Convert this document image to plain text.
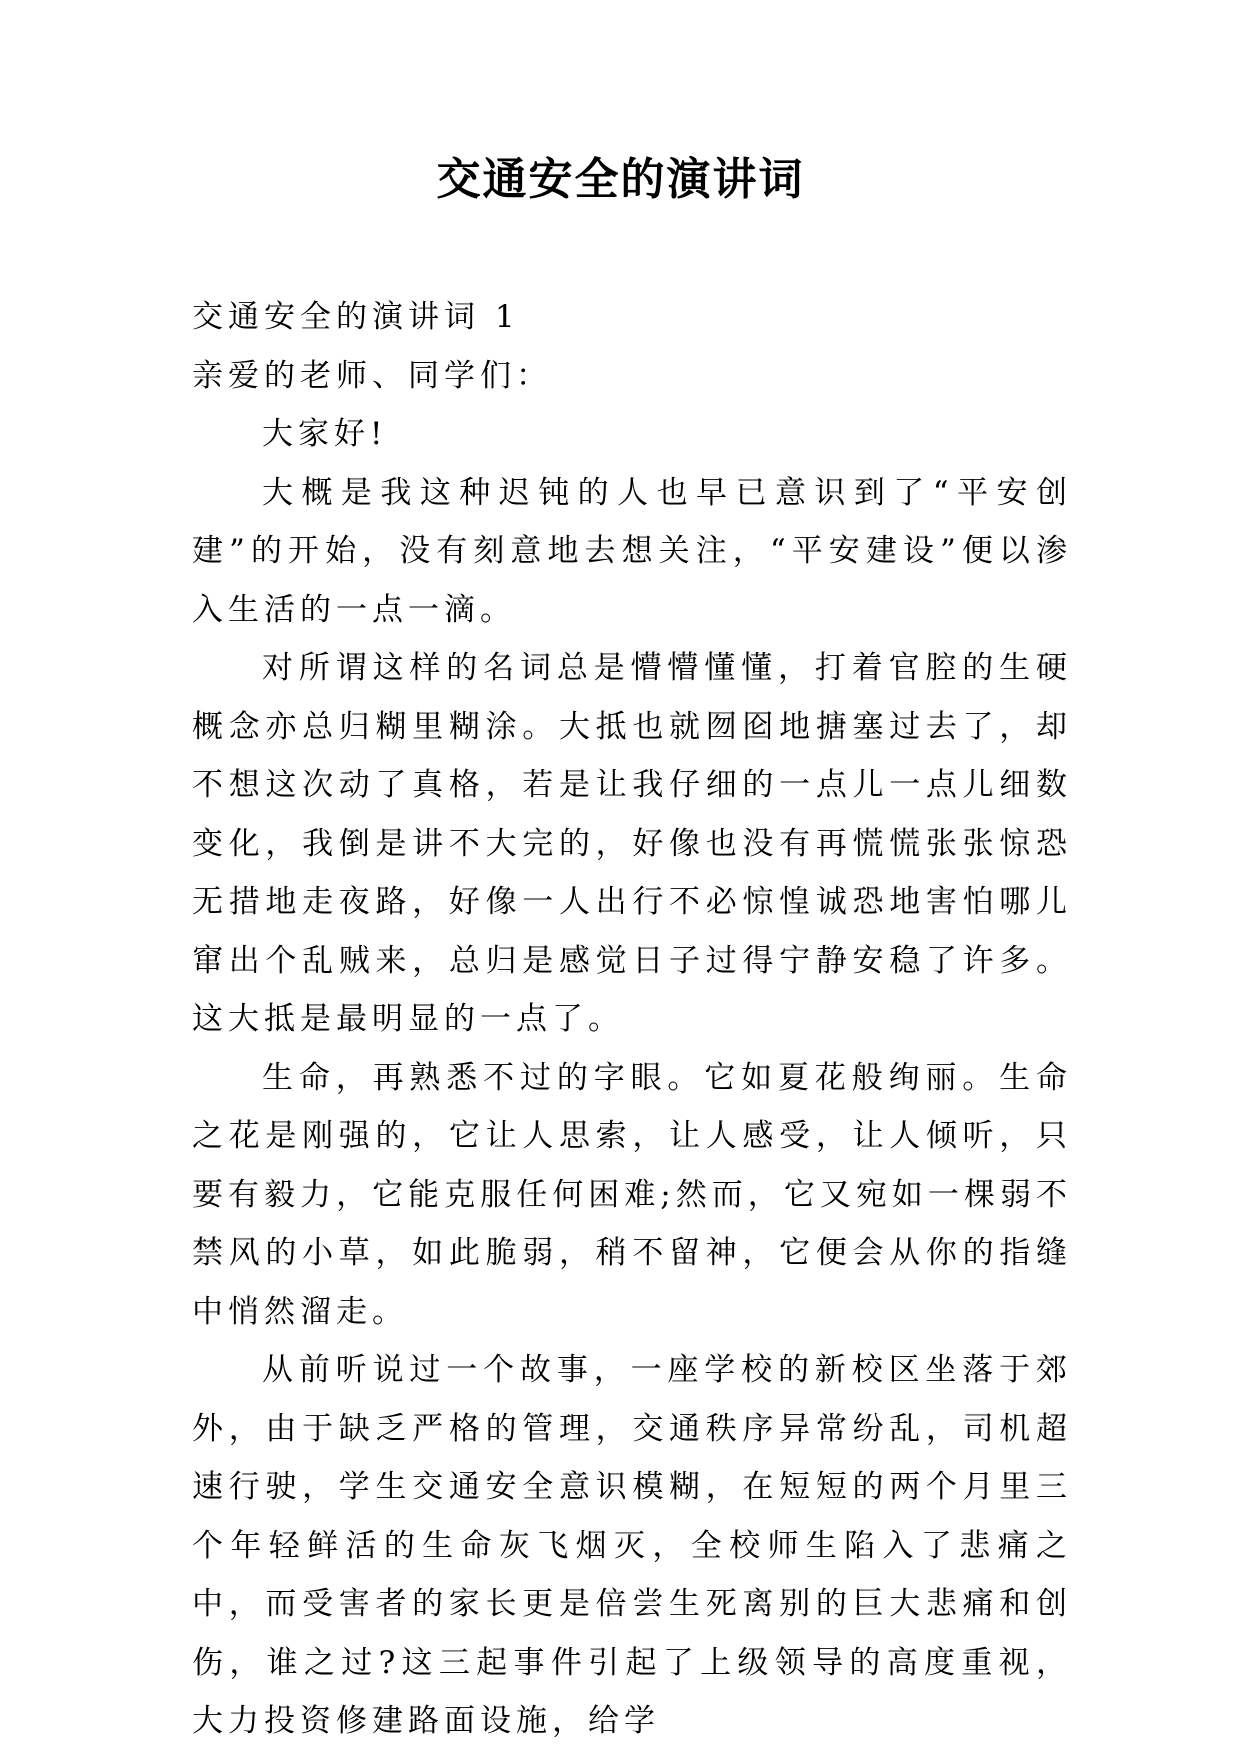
交通安全的演讲词

交通安全的演讲词 1

亲爱的老师、同学们：

大家好!

大概是我这种迟钝的人也早已意识到了“平安创建”的开始，没有刻意地去想关注，“平安建设”便以渗入生活的一点一滴。

对所谓这样的名词总是懵懵懂懂，打着官腔的生硬概念亦总归糊里糊涂。大抵也就囫囵地搪塞过去了，却不想这次动了真格，若是让我仔细的一点儿一点儿细数变化，我倒是讲不大完的，好像也没有再慌慌张张惊恐无措地走夜路，好像一人出行不必惊惶诚恐地害怕哪儿窜出个乱贼来，总归是感觉日子过得宁静安稳了许多。这大抵是最明显的一点了。

生命，再熟悉不过的字眼。它如夏花般绚丽。生命之花是刚强的，它让人思索，让人感受，让人倾听，只要有毅力，它能克服任何困难;然而，它又宛如一棵弱不禁风的小草，如此脆弱，稍不留神，它便会从你的指缝中悄然溜走。

从前听说过一个故事，一座学校的新校区坐落于郊外，由于缺乏严格的管理，交通秩序异常纷乱，司机超速行驶，学生交通安全意识模糊，在短短的两个月里三个年轻鲜活的生命灰飞烟灭，全校师生陷入了悲痛之中，而受害者的家长更是倍尝生死离别的巨大悲痛和创伤，谁之过?这三起事件引起了上级领导的高度重视，大力投资修建路面设施，给学
